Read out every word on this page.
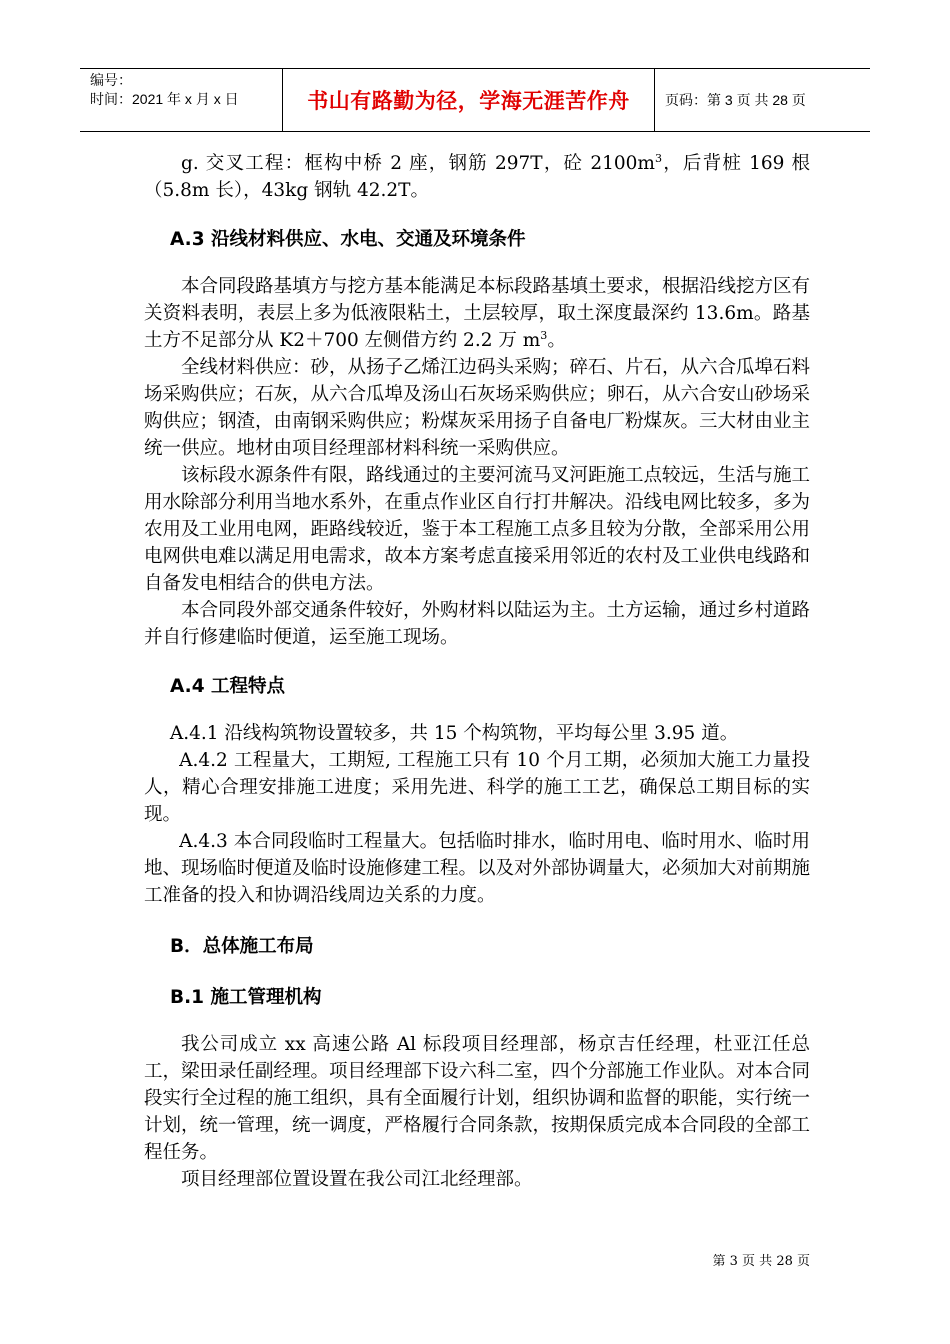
编号：
时间：2021 年 x 月 x 日	书山有路勤为径，学海无涯苦作舟	页码：第 3 页 共 28 页

g. 交叉工程：框构中桥 2 座，钢筋 297T，砼 $2100m^3$，后背桩 169 根（5.8m 长），43kg 钢轨 42.2T。

A.3 沿线材料供应、水电、交通及环境条件

本合同段路基填方与挖方基本能满足本标段路基填土要求，根据沿线挖方区有关资料表明，表层上多为低液限粘土，土层较厚，取土深度最深约 13.6m。路基土方不足部分从 K2＋700 左侧借方约 2.2 万 $m^3$。

全线材料供应：砂，从扬子乙烯江边码头采购；碎石、片石，从六合瓜埠石料场采购供应；石灰，从六合瓜埠及汤山石灰场采购供应；卵石，从六合安山砂场采购供应；钢渣，由南钢采购供应；粉煤灰采用扬子自备电厂粉煤灰。三大材由业主统一供应。地材由项目经理部材料科统一采购供应。

该标段水源条件有限，路线通过的主要河流马叉河距施工点较远，生活与施工用水除部分利用当地水系外，在重点作业区自行打井解决。沿线电网比较多，多为农用及工业用电网，距路线较近，鉴于本工程施工点多且较为分散，全部采用公用电网供电难以满足用电需求，故本方案考虑直接采用邻近的农村及工业供电线路和自备发电相结合的供电方法。

本合同段外部交通条件较好，外购材料以陆运为主。土方运输，通过乡村道路并自行修建临时便道，运至施工现场。

A.4 工程特点

A.4.1 沿线构筑物设置较多，共 15 个构筑物，平均每公里 3.95 道。

A.4.2 工程量大，工期短, 工程施工只有 10 个月工期，必须加大施工力量投人，精心合理安排施工进度；采用先进、科学的施工工艺，确保总工期目标的实现。

A.4.3 本合同段临时工程量大。包括临时排水，临时用电、临时用水、临时用地、现场临时便道及临时设施修建工程。以及对外部协调量大，必须加大对前期施工准备的投入和协调沿线周边关系的力度。

B．总体施工布局

B.1 施工管理机构

我公司成立 xx 高速公路 Al 标段项目经理部，杨京吉任经理，杜亚江任总工，梁田录任副经理。项目经理部下设六科二室，四个分部施工作业队。对本合同段实行全过程的施工组织，具有全面履行计划，组织协调和监督的职能，实行统一计划，统一管理，统一调度，严格履行合同条款，按期保质完成本合同段的全部工程任务。

项目经理部位置设置在我公司江北经理部。

第 3 页 共 28 页
